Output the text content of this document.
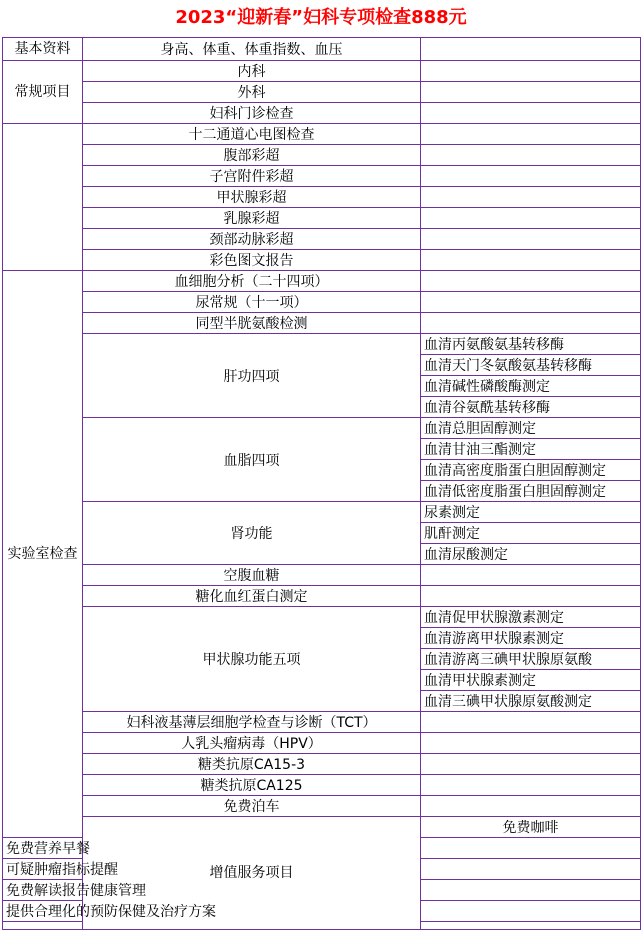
2023“迎新春”妇科专项检查888元
基本资料	身高、体重、体重指数、血压		
常规项目	内科		
	外科		
	妇科门诊检查		
	十二通道心电图检查		
	腹部彩超		
	子宫附件彩超		
	甲状腺彩超		
	乳腺彩超		
	颈部动脉彩超		
	彩色图文报告		
实验室检查	血细胞分析（二十四项）		
	尿常规（十一项）		
	同型半胱氨酸检测		
	肝功四项	血清丙氨酸氨基转移酶	
		血清天门冬氨酸氨基转移酶	
		血清碱性磷酸酶测定	
		血清谷氨酰基转移酶	
	血脂四项	血清总胆固醇测定	
		血清甘油三酯测定	
		血清高密度脂蛋白胆固醇测定	
		血清低密度脂蛋白胆固醇测定	
	肾功能	尿素测定	
		肌酐测定	
		血清尿酸测定	
	空腹血糖		
	糖化血红蛋白测定		
	甲状腺功能五项	血清促甲状腺激素测定	
		血清游离甲状腺素测定	
		血清游离三碘甲状腺原氨酸	
		血清甲状腺素测定	
		血清三碘甲状腺原氨酸测定	
	妇科液基薄层细胞学检查与诊断（TCT）		
	人乳头瘤病毒（HPV）		
	糖类抗原CA15-3		
	糖类抗原CA125		
	免费泊车		
	增值服务项目	免费咖啡	
免费营养早餐			
可疑肿瘤指标提醒			
免费解读报告健康管理			
提供合理化的预防保健及治疗方案			
